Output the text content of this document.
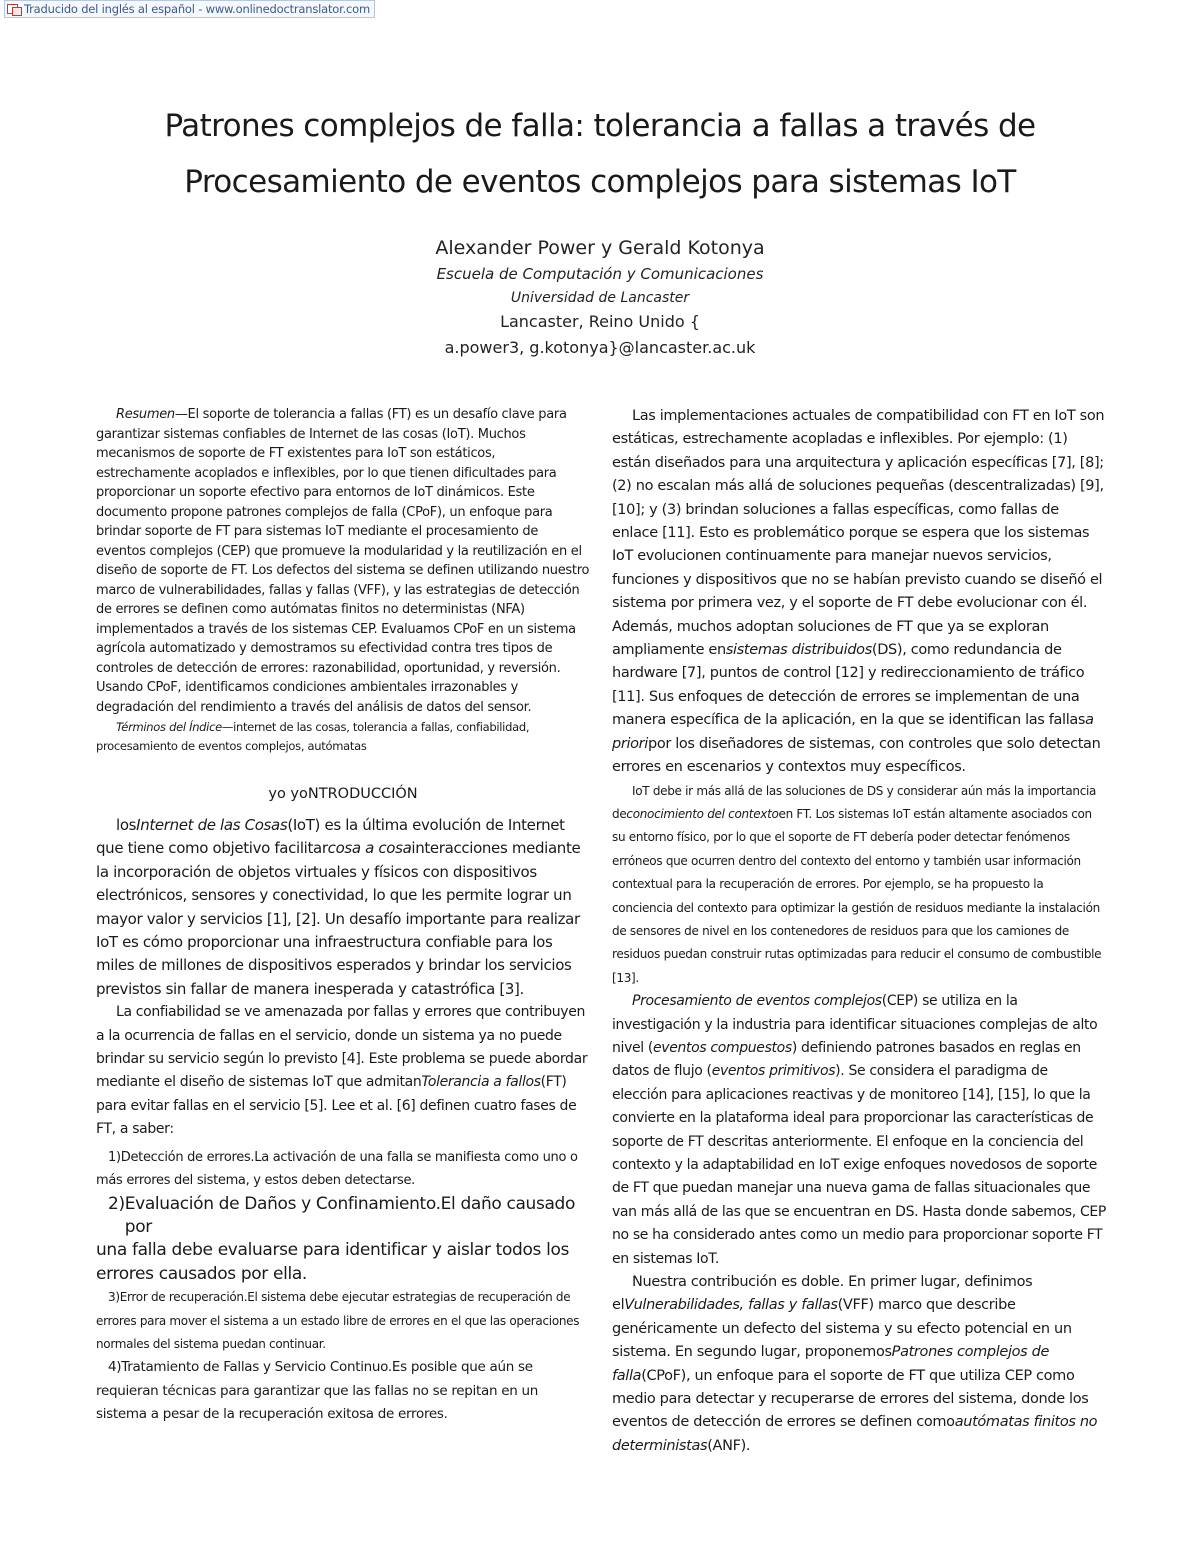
Traducido del inglés al español - www.onlinedoctranslator.com
Patrones complejos de falla: tolerancia a fallas a través de
Procesamiento de eventos complejos para sistemas IoT
Alexander Power y Gerald Kotonya
Escuela de Computación y Comunicaciones
Universidad de Lancaster
Lancaster, Reino Unido {
a.power3, g.kotonya}@lancaster.ac.uk

Resumen—El soporte de tolerancia a fallas (FT) es un desafío clave para garantizar sistemas confiables de Internet de las cosas (IoT). Muchos mecanismos de soporte de FT existentes para IoT son estáticos, estrechamente acoplados e inflexibles, por lo que tienen dificultades para proporcionar un soporte efectivo para entornos de IoT dinámicos. Este documento propone patrones complejos de falla (CPoF), un enfoque para brindar soporte de FT para sistemas IoT mediante el procesamiento de eventos complejos (CEP) que promueve la modularidad y la reutilización en el diseño de soporte de FT. Los defectos del sistema se definen utilizando nuestro marco de vulnerabilidades, fallas y fallas (VFF), y las estrategias de detección de errores se definen como autómatas finitos no deterministas (NFA) implementados a través de los sistemas CEP. Evaluamos CPoF en un sistema agrícola automatizado y demostramos su efectividad contra tres tipos de controles de detección de errores: razonabilidad, oportunidad, y reversión. Usando CPoF, identificamos condiciones ambientales irrazonables y degradación del rendimiento a través del análisis de datos del sensor.

Términos del Índice—internet de las cosas, tolerancia a fallas, confiabilidad, procesamiento de eventos complejos, autómatas

yo yoNTRODUCCIÓN

losInternet de las Cosas(IoT) es la última evolución de Internet que tiene como objetivo facilitarcosa a cosainteracciones mediante la incorporación de objetos virtuales y físicos con dispositivos electrónicos, sensores y conectividad, lo que les permite lograr un mayor valor y servicios [1], [2]. Un desafío importante para realizar IoT es cómo proporcionar una infraestructura confiable para los miles de millones de dispositivos esperados y brindar los servicios previstos sin fallar de manera inesperada y catastrófica [3].

La confiabilidad se ve amenazada por fallas y errores que contribuyen a la ocurrencia de fallas en el servicio, donde un sistema ya no puede brindar su servicio según lo previsto [4]. Este problema se puede abordar mediante el diseño de sistemas IoT que admitanTolerancia a fallos(FT) para evitar fallas en el servicio [5]. Lee et al. [6] definen cuatro fases de FT, a saber:

1) Detección de errores.La activación de una falla se manifiesta como uno o
más errores del sistema, y estos deben detectarse.
2) Evaluación de Daños y Confinamiento.El daño causado por
una falla debe evaluarse para identificar y aislar todos los errores causados por ella.
3) Error de recuperación.El sistema debe ejecutar estrategias de recuperación de
errores para mover el sistema a un estado libre de errores en el que las operaciones normales del sistema puedan continuar.
4) Tratamiento de Fallas y Servicio Continuo.Es posible que aún se
requieran técnicas para garantizar que las fallas no se repitan en un sistema a pesar de la recuperación exitosa de errores.

Las implementaciones actuales de compatibilidad con FT en IoT son estáticas, estrechamente acopladas e inflexibles. Por ejemplo: (1) están diseñados para una arquitectura y aplicación específicas [7], [8]; (2) no escalan más allá de soluciones pequeñas (descentralizadas) [9], [10]; y (3) brindan soluciones a fallas específicas, como fallas de enlace [11]. Esto es problemático porque se espera que los sistemas IoT evolucionen continuamente para manejar nuevos servicios, funciones y dispositivos que no se habían previsto cuando se diseñó el sistema por primera vez, y el soporte de FT debe evolucionar con él. Además, muchos adoptan soluciones de FT que ya se exploran ampliamente ensistemas distribuidos(DS), como redundancia de hardware [7], puntos de control [12] y redireccionamiento de tráfico [11]. Sus enfoques de detección de errores se implementan de una manera específica de la aplicación, en la que se identifican las fallasa prioripor los diseñadores de sistemas, con controles que solo detectan errores en escenarios y contextos muy específicos.

IoT debe ir más allá de las soluciones de DS y considerar aún más la importancia deconocimiento del contextoen FT. Los sistemas IoT están altamente asociados con su entorno físico, por lo que el soporte de FT debería poder detectar fenómenos erróneos que ocurren dentro del contexto del entorno y también usar información contextual para la recuperación de errores. Por ejemplo, se ha propuesto la conciencia del contexto para optimizar la gestión de residuos mediante la instalación de sensores de nivel en los contenedores de residuos para que los camiones de residuos puedan construir rutas optimizadas para reducir el consumo de combustible [13].

Procesamiento de eventos complejos(CEP) se utiliza en la investigación y la industria para identificar situaciones complejas de alto nivel (eventos compuestos) definiendo patrones basados en reglas en datos de flujo (eventos primitivos). Se considera el paradigma de elección para aplicaciones reactivas y de monitoreo [14], [15], lo que la convierte en la plataforma ideal para proporcionar las características de soporte de FT descritas anteriormente. El enfoque en la conciencia del contexto y la adaptabilidad en IoT exige enfoques novedosos de soporte de FT que puedan manejar una nueva gama de fallas situacionales que van más allá de las que se encuentran en DS. Hasta donde sabemos, CEP no se ha considerado antes como un medio para proporcionar soporte FT en sistemas IoT.

Nuestra contribución es doble. En primer lugar, definimos elVulnerabilidades, fallas y fallas(VFF) marco que describe genéricamente un defecto del sistema y su efecto potencial en un sistema. En segundo lugar, proponemosPatrones complejos de falla(CPoF), un enfoque para el soporte de FT que utiliza CEP como medio para detectar y recuperarse de errores del sistema, donde los eventos de detección de errores se definen comoautómatas finitos no deterministas(ANF).
